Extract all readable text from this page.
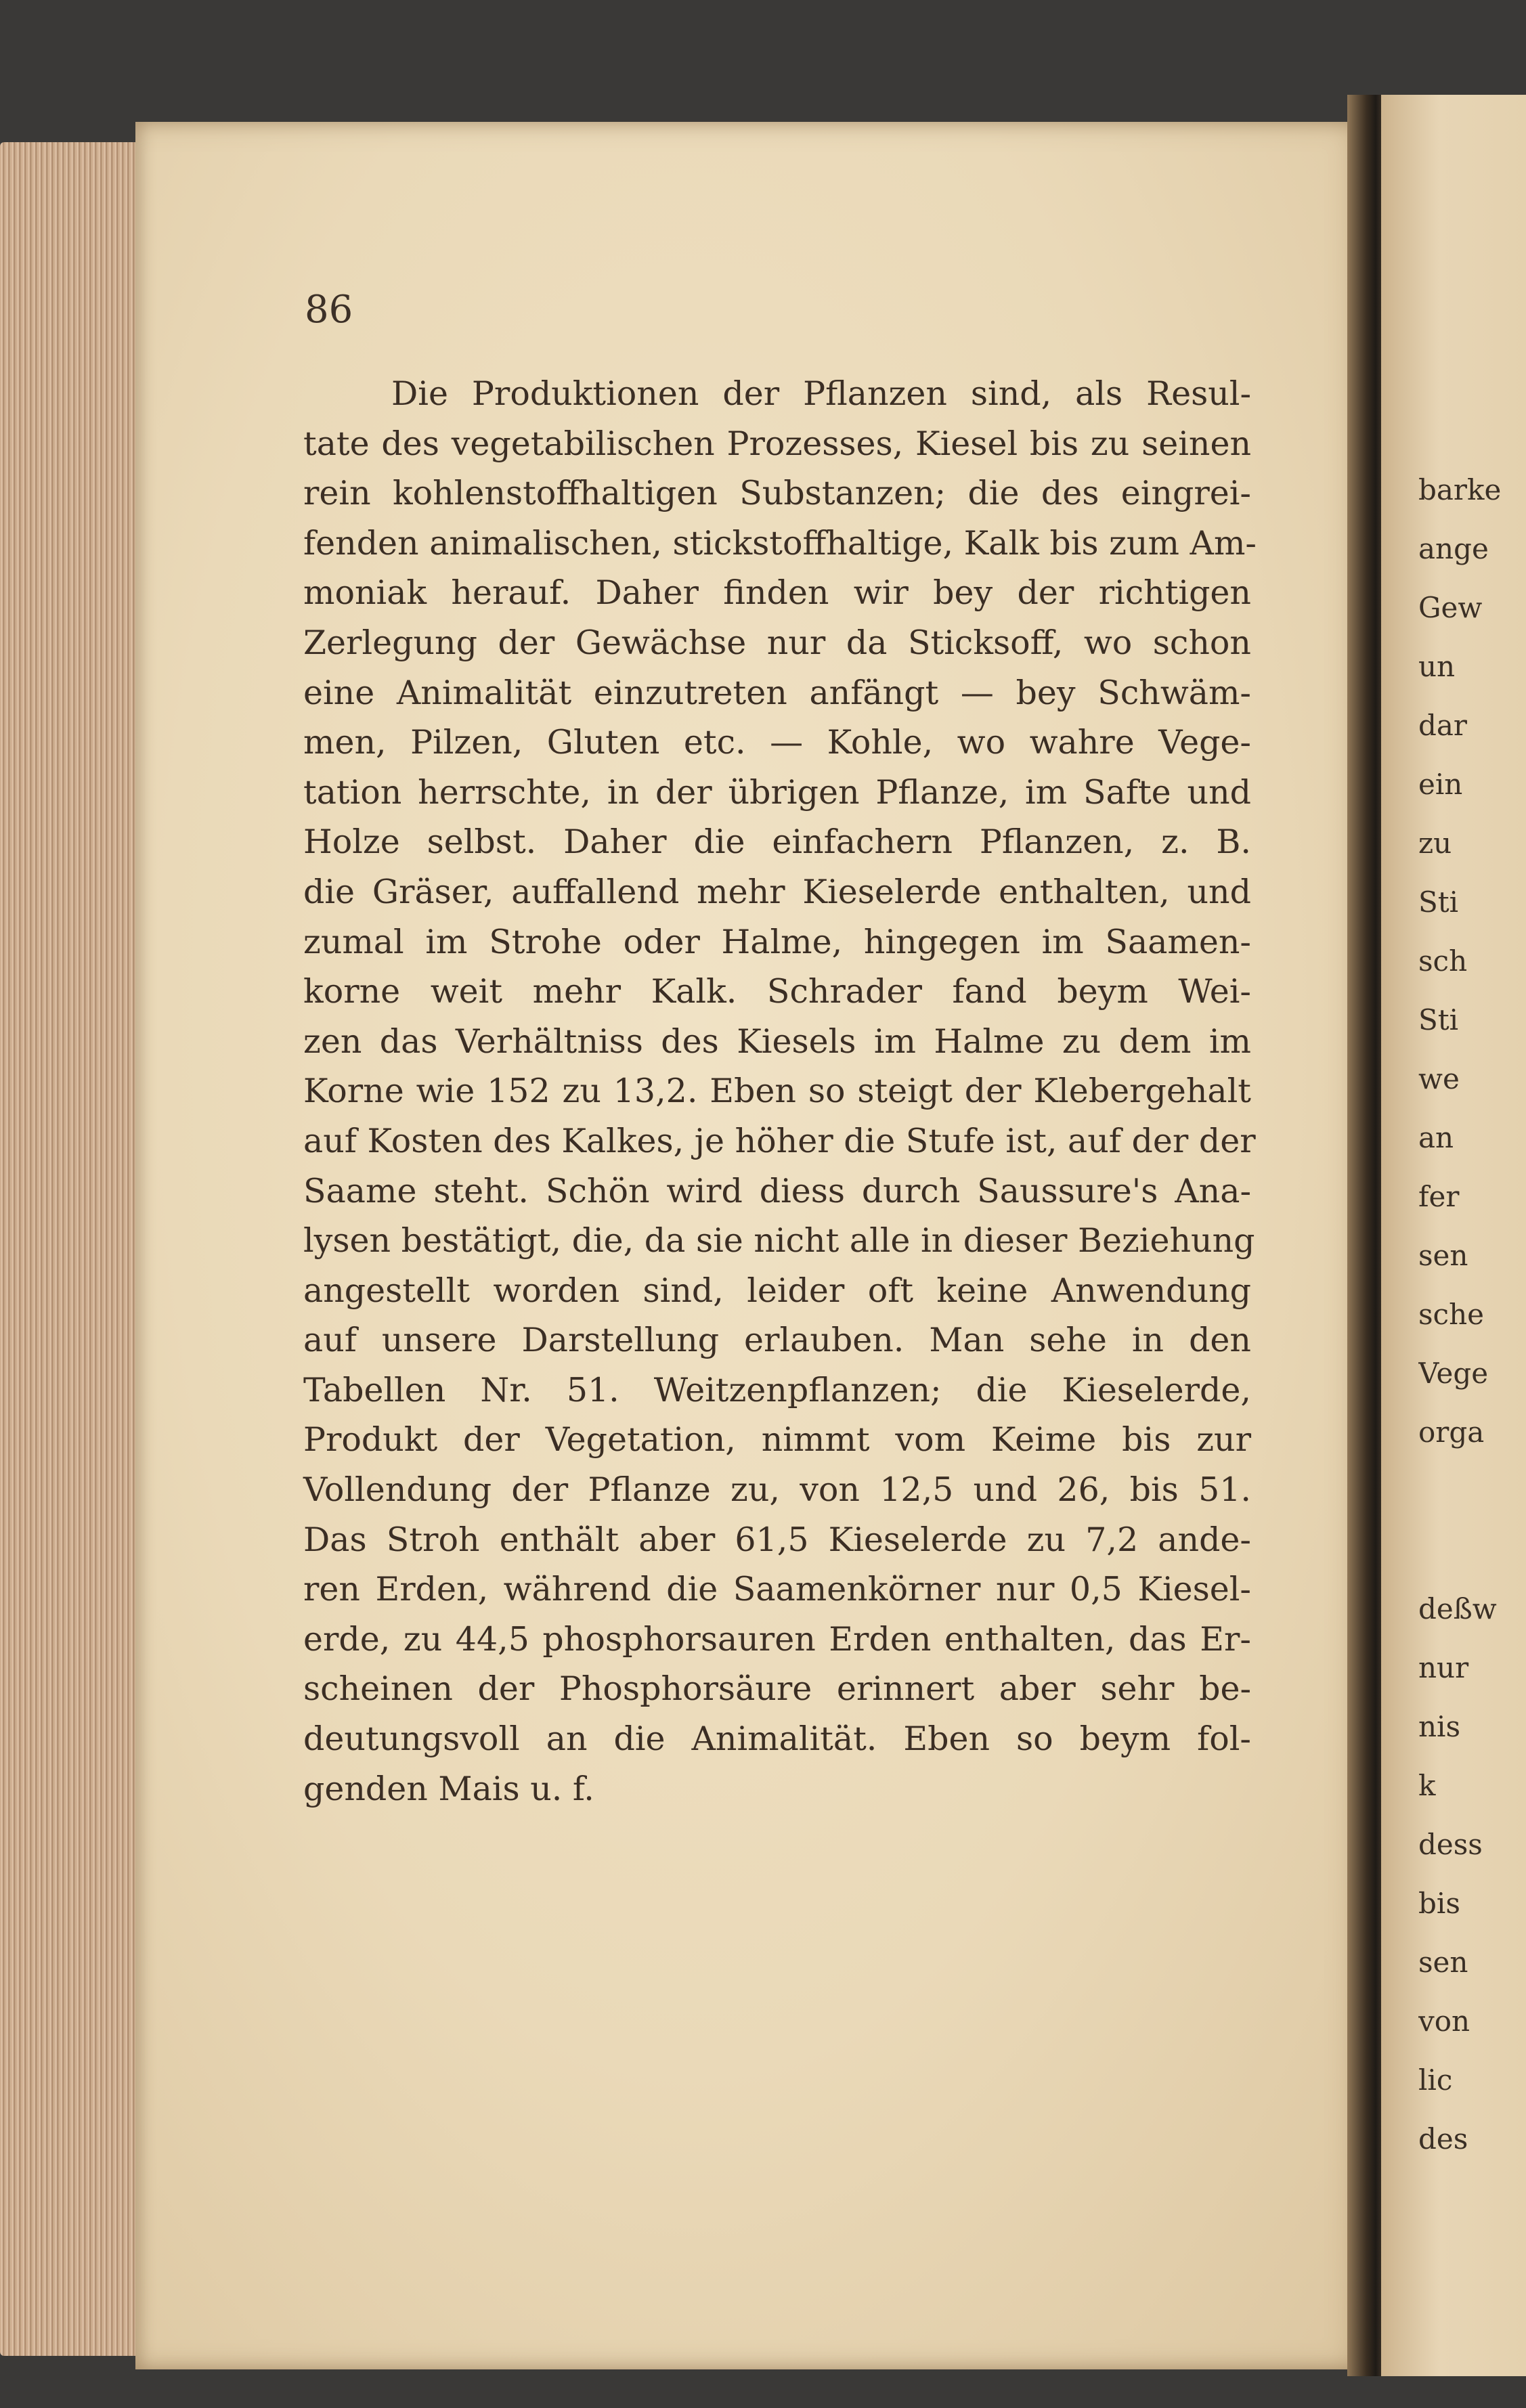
barke
ange
Gew
un
dar
ein
zu
Sti
sch
Sti
we
an
fer
sen
sche
Vege
orga
deßw
nur
nis
k
dess
bis
sen
von
lic
des
86
Die Produktionen der Pflanzen sind, als Resul-
tate des vegetabilischen Prozesses, Kiesel bis zu seinen
rein kohlenstoffhaltigen Substanzen; die des eingrei-
fenden animalischen, stickstoffhaltige, Kalk bis zum Am-
moniak herauf. Daher finden wir bey der richtigen
Zerlegung der Gewächse nur da Sticksoff, wo schon
eine Animalität einzutreten anfängt — bey Schwäm-
men, Pilzen, Gluten etc. — Kohle, wo wahre Vege-
tation herrschte, in der übrigen Pflanze, im Safte und
Holze selbst. Daher die einfachern Pflanzen, z. B.
die Gräser, auffallend mehr Kieselerde enthalten, und
zumal im Strohe oder Halme, hingegen im Saamen-
korne weit mehr Kalk. Schrader fand beym Wei-
zen das Verhältniss des Kiesels im Halme zu dem im
Korne wie 152 zu 13,2. Eben so steigt der Klebergehalt
auf Kosten des Kalkes, je höher die Stufe ist, auf der der
Saame steht. Schön wird diess durch Saussure's Ana-
lysen bestätigt, die, da sie nicht alle in dieser Beziehung
angestellt worden sind, leider oft keine Anwendung
auf unsere Darstellung erlauben. Man sehe in den
Tabellen Nr. 51. Weitzenpflanzen; die Kieselerde,
Produkt der Vegetation, nimmt vom Keime bis zur
Vollendung der Pflanze zu, von 12,5 und 26, bis 51.
Das Stroh enthält aber 61,5 Kieselerde zu 7,2 ande-
ren Erden, während die Saamenkörner nur 0,5 Kiesel-
erde, zu 44,5 phosphorsauren Erden enthalten, das Er-
scheinen der Phosphorsäure erinnert aber sehr be-
deutungsvoll an die Animalität. Eben so beym fol-
genden Mais u. f.
